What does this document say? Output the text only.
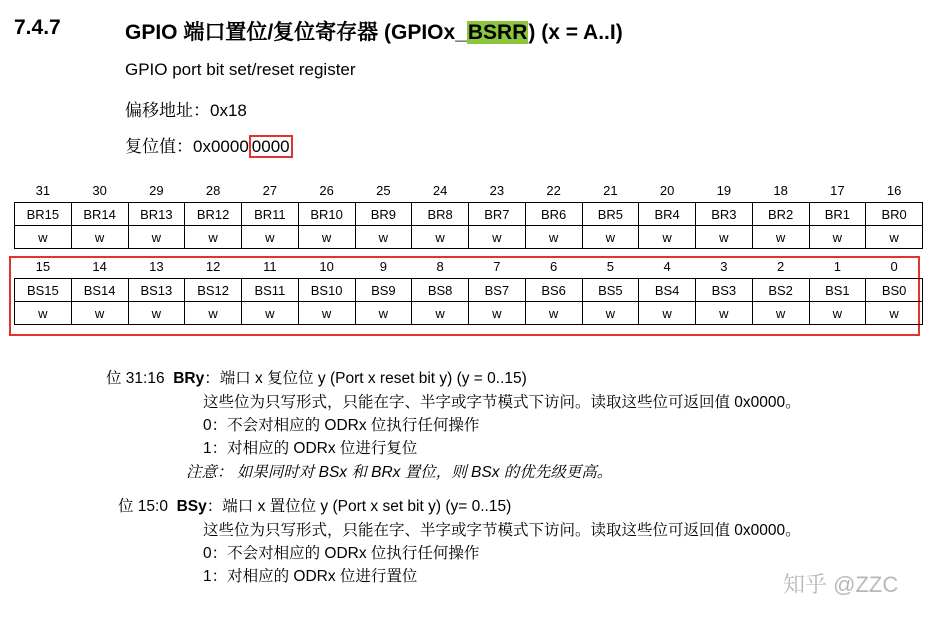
7.4.7	GPIO 端口置位/复位寄存器 (GPIOx_BSRR) (x = A..I)
GPIO port bit set/reset register
偏移地址：0x18
复位值：0x0000 0000
31	30	29	28	27	26	25	24	23	22	21	20	19	18	17	16
BR15	BR14	BR13	BR12	BR11	BR10	BR9	BR8	BR7	BR6	BR5	BR4	BR3	BR2	BR1	BR0
w	w	w	w	w	w	w	w	w	w	w	w	w	w	w	w
15	14	13	12	11	10	9	8	7	6	5	4	3	2	1	0
BS15	BS14	BS13	BS12	BS11	BS10	BS9	BS8	BS7	BS6	BS5	BS4	BS3	BS2	BS1	BS0
w	w	w	w	w	w	w	w	w	w	w	w	w	w	w	w
位 31:16 BRy：端口 x 复位位 y (Port x reset bit y) (y = 0..15)
这些位为只写形式，只能在字、半字或字节模式下访问。读取这些位可返回值 0x0000。
0：不会对相应的 ODRx 位执行任何操作
1：对相应的 ODRx 位进行复位
注意： 如果同时对 BSx 和 BRx 置位，则 BSx 的优先级更高。
位 15:0 BSy：端口 x 置位位 y (Port x set bit y) (y= 0..15)
这些位为只写形式，只能在字、半字或字节模式下访问。读取这些位可返回值 0x0000。
0：不会对相应的 ODRx 位执行任何操作
1：对相应的 ODRx 位进行置位	知乎 @ZZC
